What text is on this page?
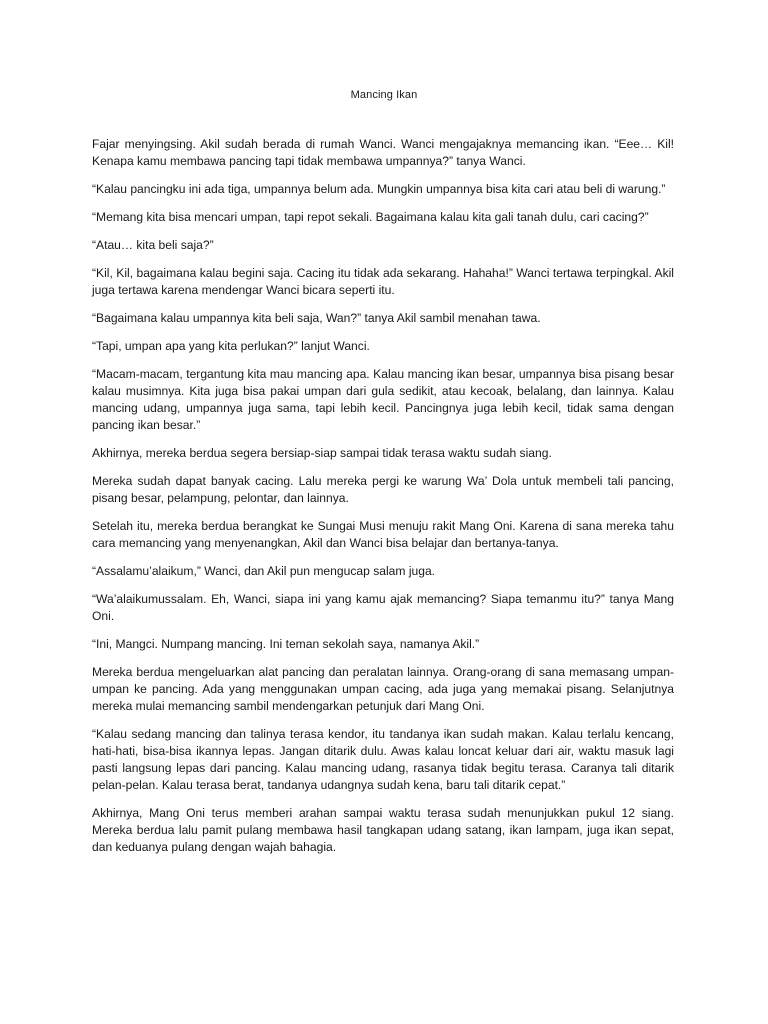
Mancing Ikan

Fajar menyingsing. Akil sudah berada di rumah Wanci. Wanci mengajaknya memancing ikan. “Eee… Kil! Kenapa kamu membawa pancing tapi tidak membawa umpannya?” tanya Wanci.

“Kalau pancingku ini ada tiga, umpannya belum ada. Mungkin umpannya bisa kita cari atau beli di warung.”

“Memang kita bisa mencari umpan, tapi repot sekali. Bagaimana kalau kita gali tanah dulu, cari cacing?”

“Atau… kita beli saja?”

“Kil, Kil, bagaimana kalau begini saja. Cacing itu tidak ada sekarang. Hahaha!” Wanci tertawa terpingkal. Akil juga tertawa karena mendengar Wanci bicara seperti itu.

“Bagaimana kalau umpannya kita beli saja, Wan?” tanya Akil sambil menahan tawa.

“Tapi, umpan apa yang kita perlukan?” lanjut Wanci.

“Macam-macam, tergantung kita mau mancing apa. Kalau mancing ikan besar, umpannya bisa pisang besar kalau musimnya. Kita juga bisa pakai umpan dari gula sedikit, atau kecoak, belalang, dan lainnya. Kalau mancing udang, umpannya juga sama, tapi lebih kecil. Pancingnya juga lebih kecil, tidak sama dengan pancing ikan besar.”

Akhirnya, mereka berdua segera bersiap-siap sampai tidak terasa waktu sudah siang.

Mereka sudah dapat banyak cacing. Lalu mereka pergi ke warung Wa’ Dola untuk membeli tali pancing, pisang besar, pelampung, pelontar, dan lainnya.

Setelah itu, mereka berdua berangkat ke Sungai Musi menuju rakit Mang Oni. Karena di sana mereka tahu cara memancing yang menyenangkan, Akil dan Wanci bisa belajar dan bertanya-tanya.

“Assalamu’alaikum,” Wanci, dan Akil pun mengucap salam juga.

“Wa’alaikumussalam. Eh, Wanci, siapa ini yang kamu ajak memancing? Siapa temanmu itu?” tanya Mang Oni.

“Ini, Mangci. Numpang mancing. Ini teman sekolah saya, namanya Akil.”

Mereka berdua mengeluarkan alat pancing dan peralatan lainnya. Orang-orang di sana memasang umpan-umpan ke pancing. Ada yang menggunakan umpan cacing, ada juga yang memakai pisang. Selanjutnya mereka mulai memancing sambil mendengarkan petunjuk dari Mang Oni.

“Kalau sedang mancing dan talinya terasa kendor, itu tandanya ikan sudah makan. Kalau terlalu kencang, hati-hati, bisa-bisa ikannya lepas. Jangan ditarik dulu. Awas kalau loncat keluar dari air, waktu masuk lagi pasti langsung lepas dari pancing. Kalau mancing udang, rasanya tidak begitu terasa. Caranya tali ditarik pelan-pelan. Kalau terasa berat, tandanya udangnya sudah kena, baru tali ditarik cepat.”

Akhirnya, Mang Oni terus memberi arahan sampai waktu terasa sudah menunjukkan pukul 12 siang. Mereka berdua lalu pamit pulang membawa hasil tangkapan udang satang, ikan lampam, juga ikan sepat, dan keduanya pulang dengan wajah bahagia.
